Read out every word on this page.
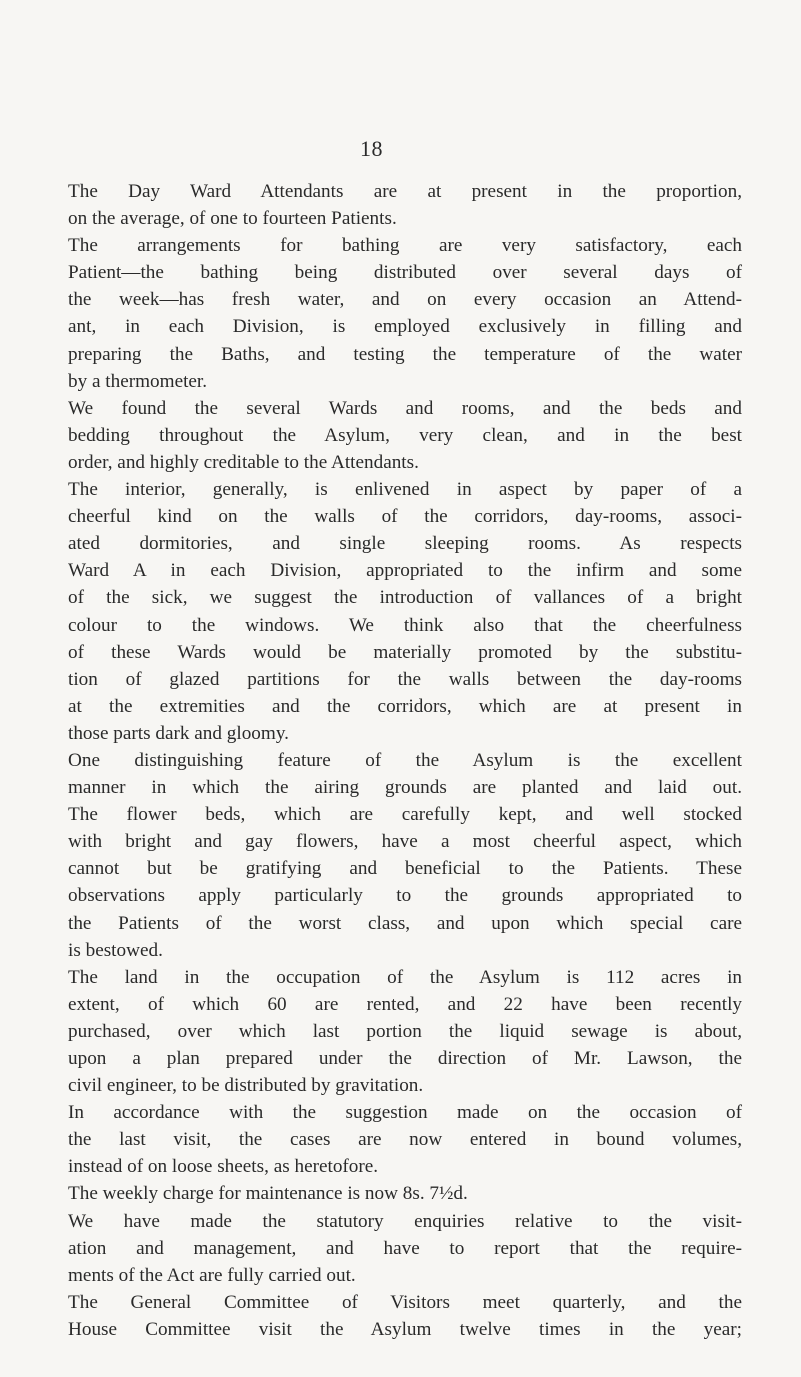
18
The Day Ward Attendants are at present in the proportion,
on the average, of one to fourteen Patients.
The arrangements for bathing are very satisfactory, each
Patient—the bathing being distributed over several days of
the week—has fresh water, and on every occasion an Attend-
ant, in each Division, is employed exclusively in filling and
preparing the Baths, and testing the temperature of the water
by a thermometer.
We found the several Wards and rooms, and the beds and
bedding throughout the Asylum, very clean, and in the best
order, and highly creditable to the Attendants.
The interior, generally, is enlivened in aspect by paper of a
cheerful kind on the walls of the corridors, day-rooms, associ-
ated dormitories, and single sleeping rooms. As respects
Ward A in each Division, appropriated to the infirm and some
of the sick, we suggest the introduction of vallances of a bright
colour to the windows. We think also that the cheerfulness
of these Wards would be materially promoted by the substitu-
tion of glazed partitions for the walls between the day-rooms
at the extremities and the corridors, which are at present in
those parts dark and gloomy.
One distinguishing feature of the Asylum is the excellent
manner in which the airing grounds are planted and laid out.
The flower beds, which are carefully kept, and well stocked
with bright and gay flowers, have a most cheerful aspect, which
cannot but be gratifying and beneficial to the Patients. These
observations apply particularly to the grounds appropriated to
the Patients of the worst class, and upon which special care
is bestowed.
The land in the occupation of the Asylum is 112 acres in
extent, of which 60 are rented, and 22 have been recently
purchased, over which last portion the liquid sewage is about,
upon a plan prepared under the direction of Mr. Lawson, the
civil engineer, to be distributed by gravitation.
In accordance with the suggestion made on the occasion of
the last visit, the cases are now entered in bound volumes,
instead of on loose sheets, as heretofore.
The weekly charge for maintenance is now 8s. 7½d.
We have made the statutory enquiries relative to the visit-
ation and management, and have to report that the require-
ments of the Act are fully carried out.
The General Committee of Visitors meet quarterly, and the
House Committee visit the Asylum twelve times in the year;
